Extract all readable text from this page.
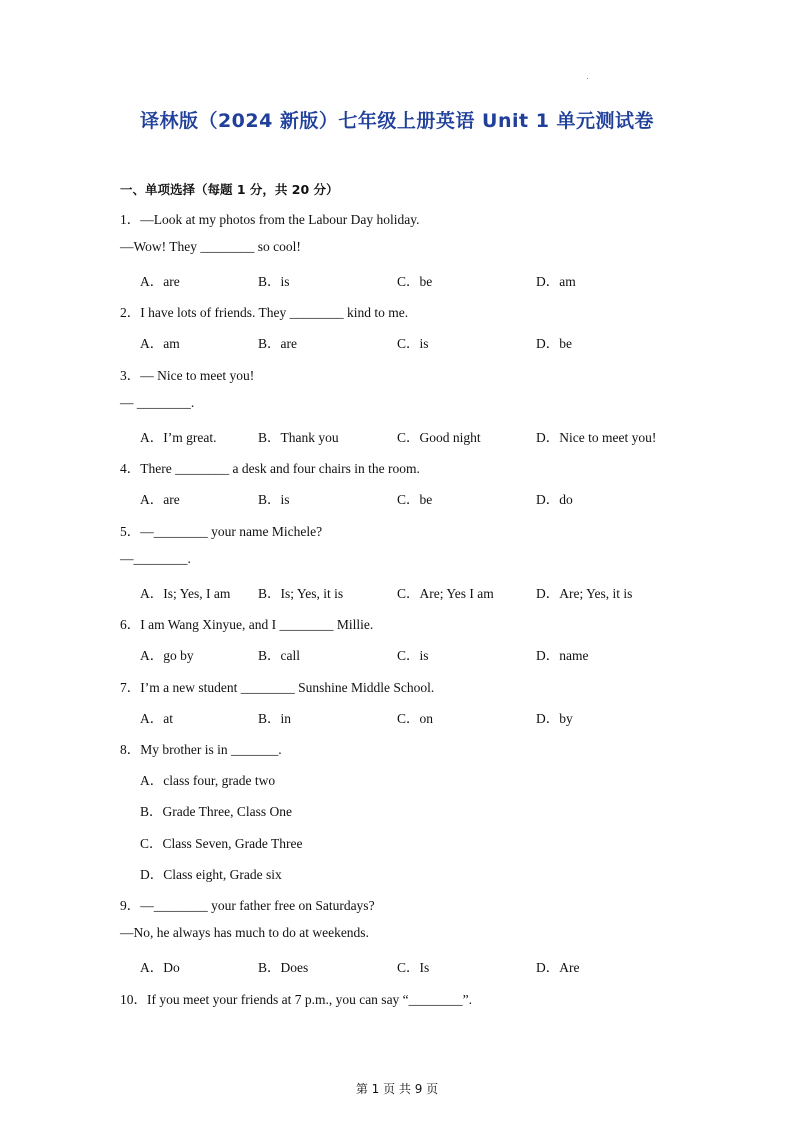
译林版（2024 新版）七年级上册英语 Unit 1 单元测试卷
一、单项选择（每题 1 分，共 20 分）
1．—Look at my photos from the Labour Day holiday.
—Wow! They ________ so cool!
A．are	B．is	C．be	D．am
2．I have lots of friends. They ________ kind to me.
A．am	B．are	C．is	D．be
3．— Nice to meet you!
— ________.
A．I’m great.	B．Thank you	C．Good night	D．Nice to meet you!
4．There ________ a desk and four chairs in the room.
A．are	B．is	C．be	D．do
5．—________ your name Michele?
—________.
A．Is; Yes, I am B．Is; Yes, it is	C．Are; Yes I am	D．Are; Yes, it is
6．I am Wang Xinyue, and I ________ Millie.
A．go by	B．call	C．is	D．name
7．I’m a new student ________ Sunshine Middle School.
A．at	B．in	C．on	D．by
8．My brother is in _______.
A．class four, grade two
B．Grade Three, Class One
C．Class Seven, Grade Three
D．Class eight, Grade six
9．—________ your father free on Saturdays?
—No, he always has much to do at weekends.
A．Do	B．Does	C．Is	D．Are
10．If you meet your friends at 7 p.m., you can say “________”.
第 1 页 共 9 页
